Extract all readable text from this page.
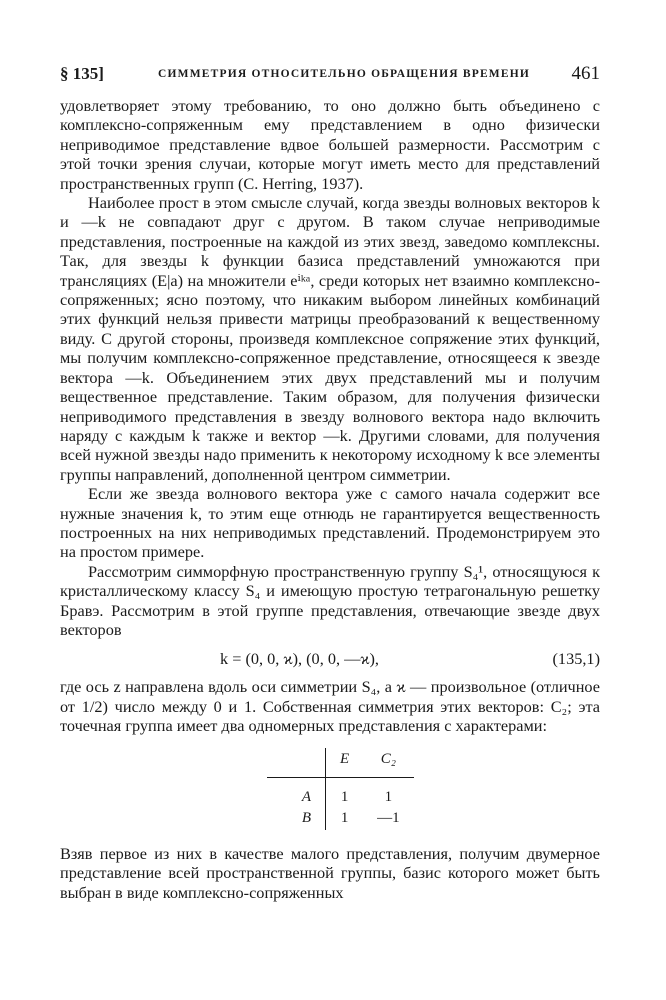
§ 135]	СИММЕТРИЯ ОТНОСИТЕЛЬНО ОБРАЩЕНИЯ ВРЕМЕНИ 461

удовлетворяет этому требованию, то оно должно быть объединено с комплексно-сопряженным ему представлением в одно физически неприводимое представление вдвое большей размерности. Рассмотрим с этой точки зрения случаи, которые могут иметь место для представлений пространственных групп (C. Herring, 1937).

Наиболее прост в этом смысле случай, когда звезды волновых векторов k и —k не совпадают друг с другом. В таком случае неприводимые представления, построенные на каждой из этих звезд, заведомо комплексны. Так, для звезды k функции базиса представлений умножаются при трансляциях (E|a) на множители eⁱᵏᵃ, среди которых нет взаимно комплексно-сопряженных; ясно поэтому, что никаким выбором линейных комбинаций этих функций нельзя привести матрицы преобразований к вещественному виду. С другой стороны, произведя комплексное сопряжение этих функций, мы получим комплексно-сопряженное представление, относящееся к звезде вектора —k. Объединением этих двух представлений мы и получим вещественное представление. Таким образом, для получения физически неприводимого представления в звезду волнового вектора надо включить наряду с каждым k также и вектор —k. Другими словами, для получения всей нужной звезды надо применить к некоторому исходному k все элементы группы направлений, дополненной центром симметрии.

Если же звезда волнового вектора уже с самого начала содержит все нужные значения k, то этим еще отнюдь не гарантируется вещественность построенных на них неприводимых представлений. Продемонстрируем это на простом примере.

Рассмотрим симморфную пространственную группу S₄¹, относящуюся к кристаллическому классу S₄ и имеющую простую тетрагональную решетку Бравэ. Рассмотрим в этой группе представления, отвечающие звезде двух векторов

k = (0, 0, ϰ), (0, 0, —ϰ),	(135,1)

где ось z направлена вдоль оси симметрии S₄, а ϰ — произвольное (отличное от 1/2) число между 0 и 1. Собственная симметрия этих векторов: C₂; эта точечная группа имеет два одномерных представления с характерами:

	E	C₂
A	1	1
B	1	—1

Взяв первое из них в качестве малого представления, получим двумерное представление всей пространственной группы, базис которого может быть выбран в виде комплексно-сопряженных
